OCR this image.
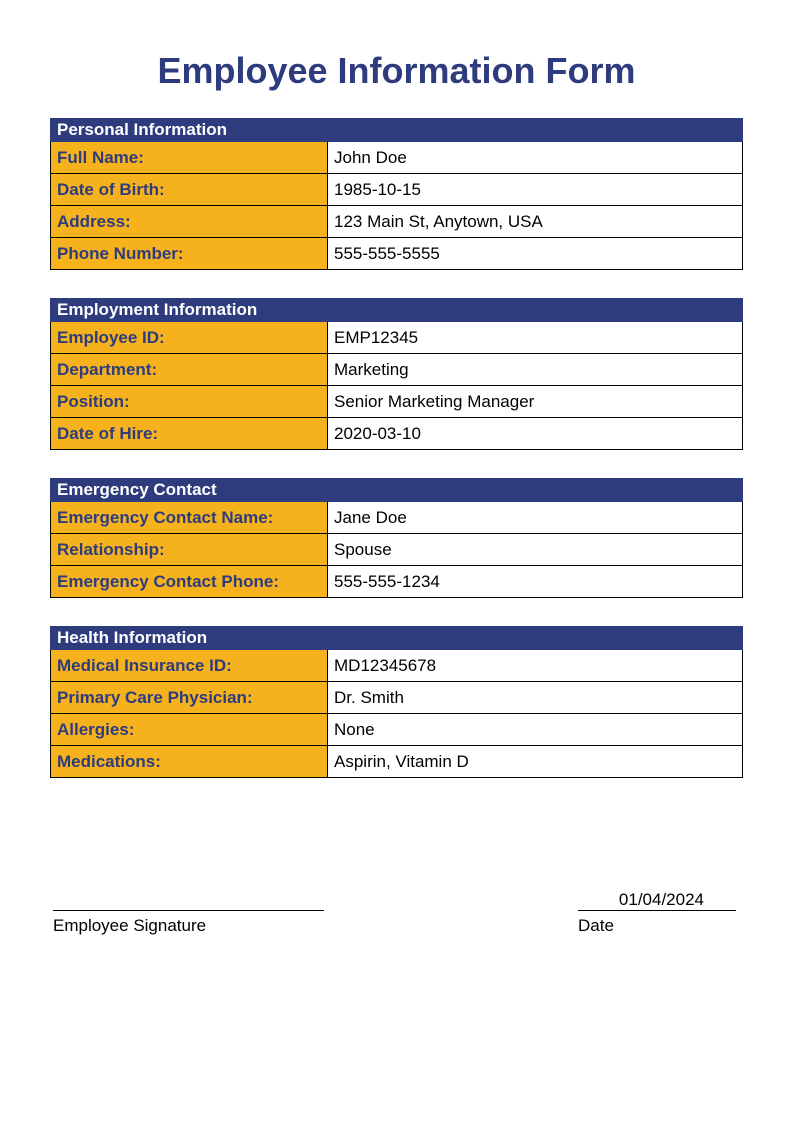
Employee Information Form
Personal Information	
Full Name:	John Doe
Date of Birth:	1985-10-15
Address:	123 Main St, Anytown, USA
Phone Number:	555-555-5555
Employment Information	
Employee ID:	EMP12345
Department:	Marketing
Position:	Senior Marketing Manager
Date of Hire:	2020-03-10
Emergency Contact	
Emergency Contact Name:	Jane Doe
Relationship:	Spouse
Emergency Contact Phone:	555-555-1234
Health Information	
Medical Insurance ID:	MD12345678
Primary Care Physician:	Dr. Smith
Allergies:	None
Medications:	Aspirin, Vitamin D
Employee Signature
01/04/2024
Date
